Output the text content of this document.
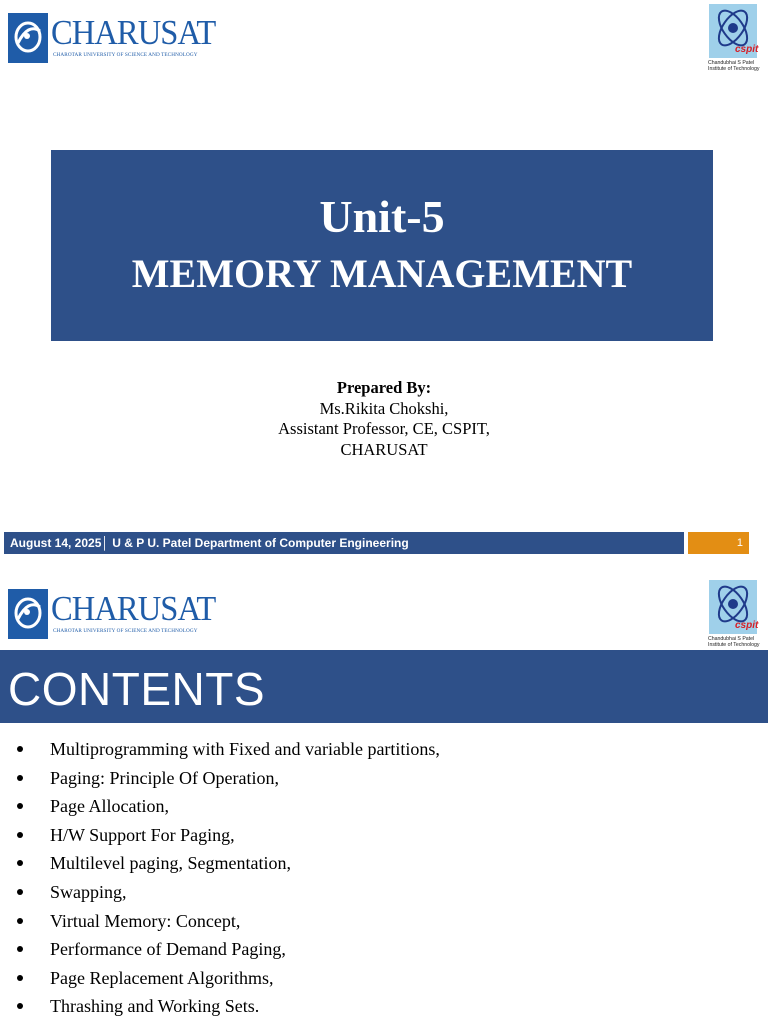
CHARUSAT
CHAROTAR UNIVERSITY OF SCIENCE AND TECHNOLOGY	cspit
Chandubhai S Patel
Institute of Technology
Unit-5
MEMORY MANAGEMENT
Prepared By:
Ms.Rikita Chokshi,
Assistant Professor, CE, CSPIT,
CHARUSAT
August 14, 2025│ U & P U. Patel Department of Computer Engineering	1
CHARUSAT
CHAROTAR UNIVERSITY OF SCIENCE AND TECHNOLOGY	cspit
Chandubhai S Patel
Institute of Technology
CONTENTS
Multiprogramming with Fixed and variable partitions,
Paging: Principle Of Operation,
Page Allocation,
H/W Support For Paging,
Multilevel paging, Segmentation,
Swapping,
Virtual Memory: Concept,
Performance of Demand Paging,
Page Replacement Algorithms,
Thrashing and Working Sets.
